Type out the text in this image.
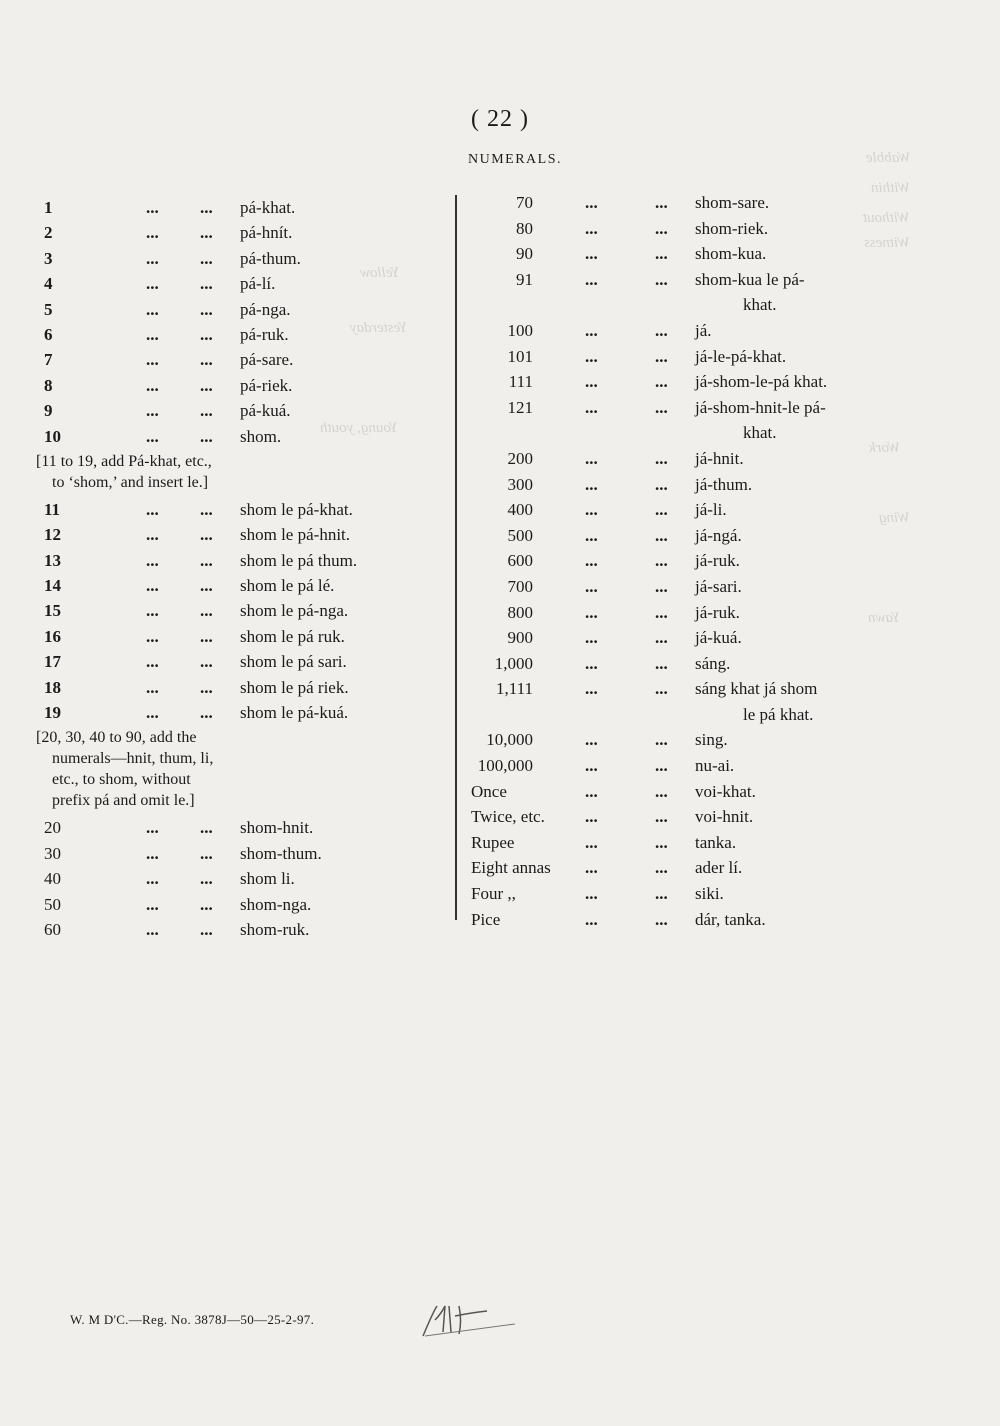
Wabble
Within
Without
Witness
Yellow
Yesterday
Young, youth
Work
Wing
Yawn
( 22 )
NUMERALS.
1	...	...	pá-khat.
2	...	...	pá-hnít.
3	...	...	pá-thum.
4	...	...	pá-lí.
5	...	...	pá-nga.
6	...	...	pá-ruk.
7	...	...	pá-sare.
8	...	...	pá-riek.
9	...	...	pá-kuá.
10	...	...	shom.
[11 to 19, add Pá-khat, etc.,
to ‘shom,’ and insert le.]
11	...	...	shom le pá-khat.
12	...	...	shom le pá-hnit.
13	...	...	shom le pá thum.
14	...	...	shom le pá lé.
15	...	...	shom le pá-nga.
16	...	...	shom le pá ruk.
17	...	...	shom le pá sari.
18	...	...	shom le pá riek.
19	...	...	shom le pá-kuá.
[20, 30, 40 to 90, add the
numerals—hnit, thum, li,
etc., to shom, without
prefix pá and omit le.]
20	...	...	shom-hnit.
30	...	...	shom-thum.
40	...	...	shom li.
50	...	...	shom-nga.
60	...	...	shom-ruk.
70	...	...	shom-sare.
80	...	...	shom-riek.
90	...	...	shom-kua.
91	...	...	shom-kua le pá-
khat.
100	...	...	já.
101	...	...	já-le-pá-khat.
111	...	...	já-shom-le-pá khat.
121	...	...	já-shom-hnit-le pá-
khat.
200	...	...	já-hnit.
300	...	...	já-thum.
400	...	...	já-li.
500	...	...	já-ngá.
600	...	...	já-ruk.
700	...	...	já-sari.
800	...	...	já-ruk.
900	...	...	já-kuá.
1,000	...	...	sáng.
1,111	...	...	sáng khat já shom
le pá khat.
10,000	...	...	sing.
100,000	...	...	nu-ai.
Once	...	...	voi-khat.
Twice, etc.	...	...	voi-hnit.
Rupee	...	...	tanka.
Eight annas	...	...	ader lí.
Four ,,	...	...	siki.
Pice	...	...	dár, tanka.
W. M D'C.—Reg. No. 3878J—50—25-2-97.
